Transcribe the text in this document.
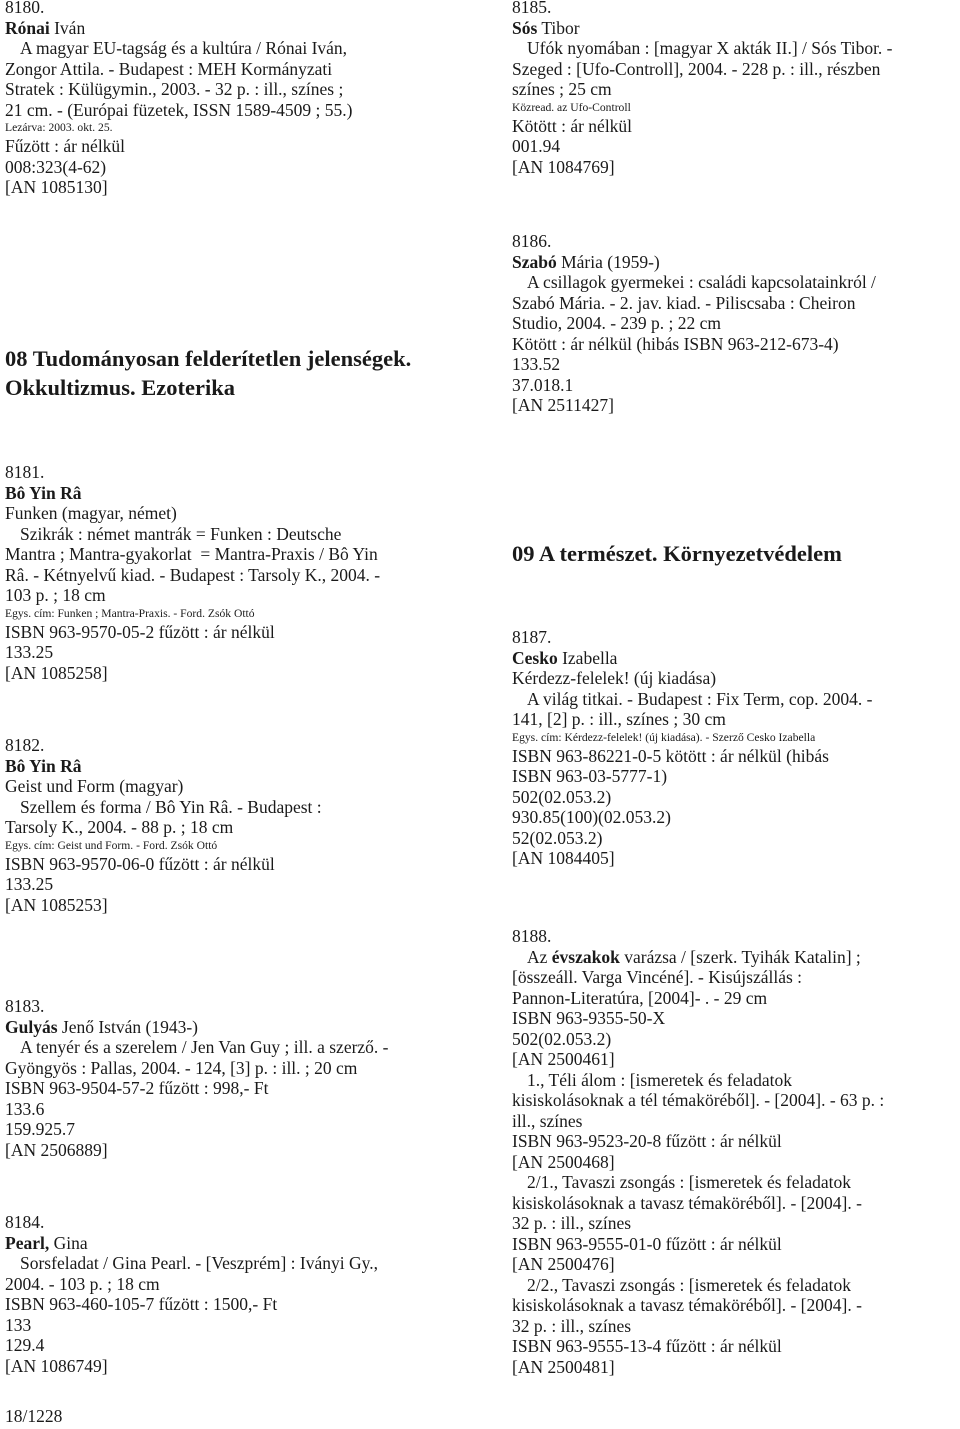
8180.
Rónai Iván
A magyar EU-tagság és a kultúra / Rónai Iván,
Zongor Attila. - Budapest : MEH Kormányzati
Stratek : Külügymin., 2003. - 32 p. : ill., színes ;
21 cm. - (Európai füzetek, ISSN 1589-4509 ; 55.)
Lezárva: 2003. okt. 25.
Fűzött : ár nélkül
008:323(4-62)
[AN 1085130]
08 Tudományosan felderítetlen jelenségek.
Okkultizmus. Ezoterika
8181.
Bô Yin Râ
Funken (magyar, német)
Szikrák : német mantrák = Funken : Deutsche
Mantra ; Mantra-gyakorlat  = Mantra-Praxis / Bô Yin
Râ. - Kétnyelvű kiad. - Budapest : Tarsoly K., 2004. -
103 p. ; 18 cm
Egys. cím: Funken ; Mantra-Praxis. - Ford. Zsók Ottó
ISBN 963-9570-05-2 fűzött : ár nélkül
133.25
[AN 1085258]
8182.
Bô Yin Râ
Geist und Form (magyar)
Szellem és forma / Bô Yin Râ. - Budapest :
Tarsoly K., 2004. - 88 p. ; 18 cm
Egys. cím: Geist und Form. - Ford. Zsók Ottó
ISBN 963-9570-06-0 fűzött : ár nélkül
133.25
[AN 1085253]
8183.
Gulyás Jenő István (1943-)
A tenyér és a szerelem / Jen Van Guy ; ill. a szerző. -
Gyöngyös : Pallas, 2004. - 124, [3] p. : ill. ; 20 cm
ISBN 963-9504-57-2 fűzött : 998,- Ft
133.6
159.925.7
[AN 2506889]
8184.
Pearl, Gina
Sorsfeladat / Gina Pearl. - [Veszprém] : Iványi Gy.,
2004. - 103 p. ; 18 cm
ISBN 963-460-105-7 fűzött : 1500,- Ft
133
129.4
[AN 1086749]
8185.
Sós Tibor
Ufók nyomában : [magyar X akták II.] / Sós Tibor. -
Szeged : [Ufo-Controll], 2004. - 228 p. : ill., részben
színes ; 25 cm
Közread. az Ufo-Controll
Kötött : ár nélkül
001.94
[AN 1084769]
8186.
Szabó Mária (1959-)
A csillagok gyermekei : családi kapcsolatainkról /
Szabó Mária. - 2. jav. kiad. - Piliscsaba : Cheiron
Studio, 2004. - 239 p. ; 22 cm
Kötött : ár nélkül (hibás ISBN 963-212-673-4)
133.52
37.018.1
[AN 2511427]
09 A természet. Környezetvédelem
8187.
Cesko Izabella
Kérdezz-felelek! (új kiadása)
A világ titkai. - Budapest : Fix Term, cop. 2004. -
141, [2] p. : ill., színes ; 30 cm
Egys. cím: Kérdezz-felelek! (új kiadása). - Szerző Cesko Izabella
ISBN 963-86221-0-5 kötött : ár nélkül (hibás
ISBN 963-03-5777-1)
502(02.053.2)
930.85(100)(02.053.2)
52(02.053.2)
[AN 1084405]
8188.
Az évszakok varázsa / [szerk. Tyihák Katalin] ;
[összeáll. Varga Vincéné]. - Kisújszállás :
Pannon-Literatúra, [2004]- . - 29 cm
ISBN 963-9355-50-X
502(02.053.2)
[AN 2500461]
1., Téli álom : [ismeretek és feladatok
kisiskolásoknak a tél témaköréből]. - [2004]. - 63 p. :
ill., színes
ISBN 963-9523-20-8 fűzött : ár nélkül
[AN 2500468]
2/1., Tavaszi zsongás : [ismeretek és feladatok
kisiskolásoknak a tavasz témaköréből]. - [2004]. -
32 p. : ill., színes
ISBN 963-9555-01-0 fűzött : ár nélkül
[AN 2500476]
2/2., Tavaszi zsongás : [ismeretek és feladatok
kisiskolásoknak a tavasz témaköréből]. - [2004]. -
32 p. : ill., színes
ISBN 963-9555-13-4 fűzött : ár nélkül
[AN 2500481]
18/1228
